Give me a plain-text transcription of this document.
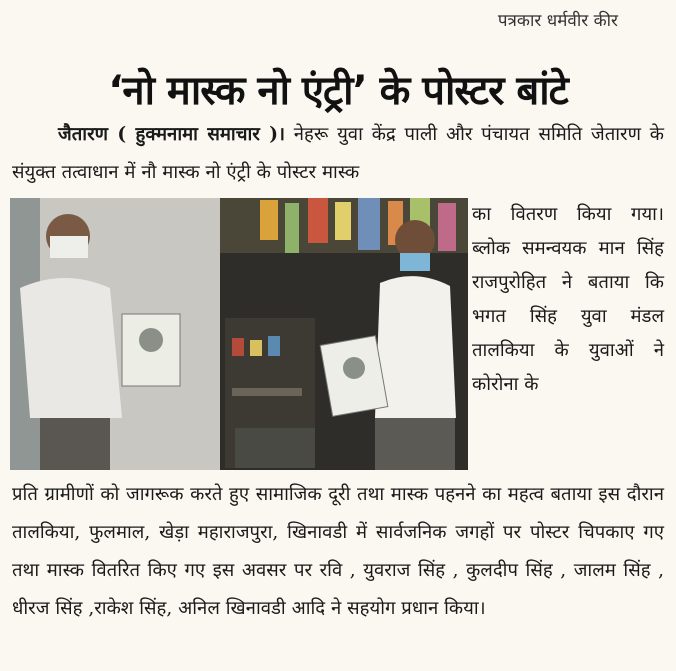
पत्रकार धर्मवीर कीर
‘नो मास्क नो एंट्री’ के पोस्टर बांटे

जैतारण ( हुक्मनामा समाचार )। नेहरू युवा केंद्र पाली और पंचायत समिति जेतारण के संयुक्त तत्वाधान में नौ मास्क नो एंट्री के पोस्टर मास्क

का वितरण किया गया। ब्लोक समन्वयक मान सिंह राजपुरोहित ने बताया कि भगत सिंह युवा मंडल तालकिया के युवाओं ने कोरोना के

प्रति ग्रामीणों को जागरूक करते हुए सामाजिक दूरी तथा मास्क पहनने का महत्व बताया इस दौरान तालकिया, फुलमाल, खेड़ा महाराजपुरा, खिनावडी में सार्वजनिक जगहों पर पोस्टर चिपकाए गए तथा मास्क वितरित किए गए इस अवसर पर रवि , युवराज सिंह , कुलदीप सिंह , जालम सिंह , धीरज सिंह ,राकेश सिंह, अनिल खिनावडी आदि ने सहयोग प्रधान किया।
